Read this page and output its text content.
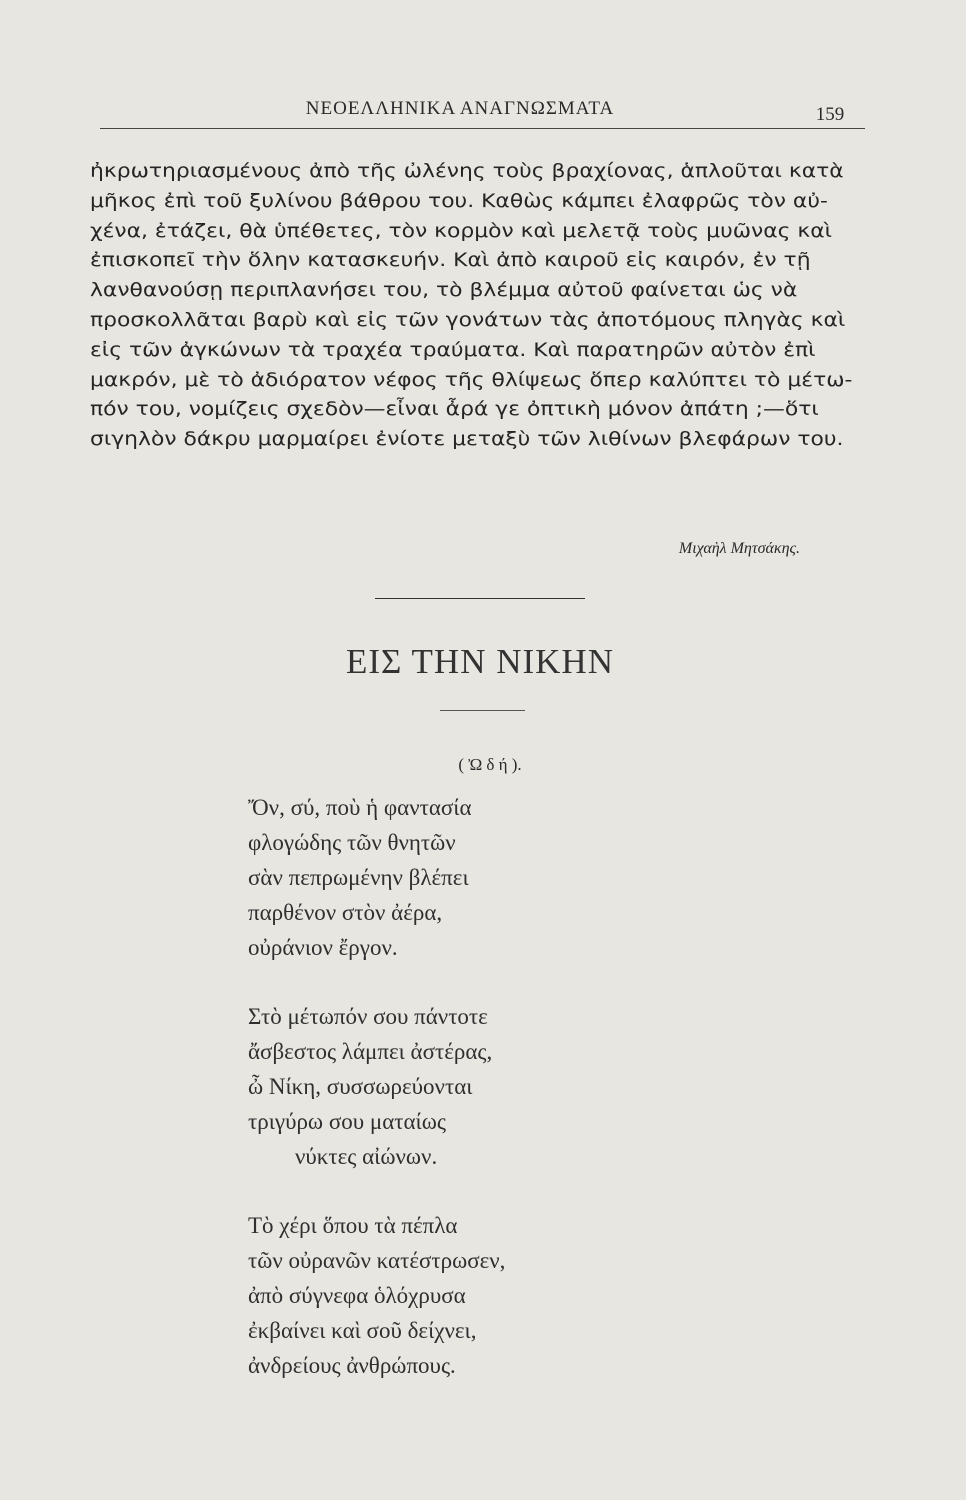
ΝΕΟΕΛΛΗΝΙΚΑ ΑΝΑΓΝΩΣΜΑΤΑ	159
ἠκρωτηριασμένους ἀπὸ τῆς ὠλένης τοὺς βραχίονας, ἁπλοῦται κατὰ
μῆκος ἐπὶ τοῦ ξυλίνου βάθρου του. Καθὼς κάμπει ἐλαφρῶς τὸν αὐ-
χένα, ἐτάζει, θὰ ὑπέθετες, τὸν κορμὸν καὶ μελετᾷ τοὺς μυῶνας καὶ
ἐπισκοπεῖ τὴν ὅλην κατασκευήν. Καὶ ἀπὸ καιροῦ εἰς καιρόν, ἐν τῇ
λανθανούσῃ περιπλανήσει του, τὸ βλέμμα αὐτοῦ φαίνεται ὡς νὰ
προσκολλᾶται βαρὺ καὶ εἰς τῶν γονάτων τὰς ἀποτόμους πληγὰς καὶ
εἰς τῶν ἀγκώνων τὰ τραχέα τραύματα. Καὶ παρατηρῶν αὐτὸν ἐπὶ
μακρόν, μὲ τὸ ἀδιόρατον νέφος τῆς θλίψεως ὅπερ καλύπτει τὸ μέτω-
πόν του, νομίζεις σχεδὸν—εἶναι ἆρά γε ὀπτικὴ μόνον ἀπάτη ;—ὅτι
σιγηλὸν δάκρυ μαρμαίρει ἐνίοτε μεταξὺ τῶν λιθίνων βλεφάρων του.
Μιχαὴλ Μητσάκης.
ΕΙΣ ΤΗΝ ΝΙΚΗΝ
( Ὠ δ ή ).
Ὄν, σύ, ποὺ ἡ φαντασία
φλογώδης τῶν θνητῶν
σὰν πεπρωμένην βλέπει
παρθένον στὸν ἀέρα,
οὐράνιον ἔργον.
Στὸ μέτωπόν σου πάντοτε
ἄσβεστος λάμπει ἀστέρας,
ὦ Νίκη, συσσωρεύονται
τριγύρω σου ματαίως
νύκτες αἰώνων.
Τὸ χέρι ὅπου τὰ πέπλα
τῶν οὐρανῶν κατέστρωσεν,
ἀπὸ σύγνεφα ὁλόχρυσα
ἐκβαίνει καὶ σοῦ δείχνει,
ἀνδρείους ἀνθρώπους.
